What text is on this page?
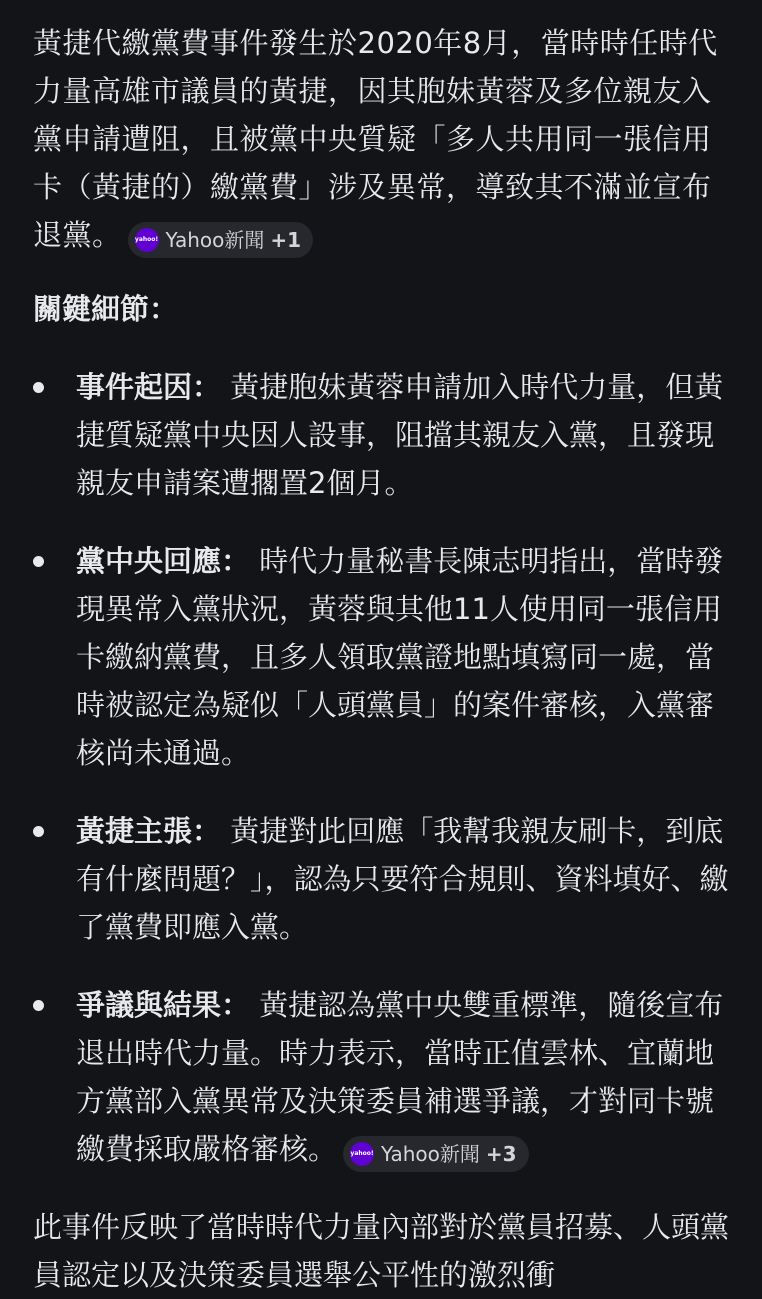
黃捷代繳黨費事件發生於2020年8月，當時時任時代力量高雄市議員的黃捷，因其胞妹黃蓉及多位親友入黨申請遭阻，且被黨中央質疑「多人共用同一張信用卡（黃捷的）繳黨費」涉及異常，導致其不滿並宣布退黨。 yahoo! Yahoo新聞 +1

關鍵細節：

事件起因： 黃捷胞妹黃蓉申請加入時代力量，但黃捷質疑黨中央因人設事，阻擋其親友入黨，且發現親友申請案遭擱置2個月。
黨中央回應： 時代力量秘書長陳志明指出，當時發現異常入黨狀況，黃蓉與其他11人使用同一張信用卡繳納黨費，且多人領取黨證地點填寫同一處，當時被認定為疑似「人頭黨員」的案件審核，入黨審核尚未通過。
黃捷主張： 黃捷對此回應「我幫我親友刷卡，到底有什麼問題？」，認為只要符合規則、資料填好、繳了黨費即應入黨。
爭議與結果： 黃捷認為黨中央雙重標準，隨後宣布退出時代力量。時力表示，當時正值雲林、宜蘭地方黨部入黨異常及決策委員補選爭議，才對同卡號繳費採取嚴格審核。 yahoo! Yahoo新聞 +3

此事件反映了當時時代力量內部對於黨員招募、人頭黨員認定以及決策委員選舉公平性的激烈衝
